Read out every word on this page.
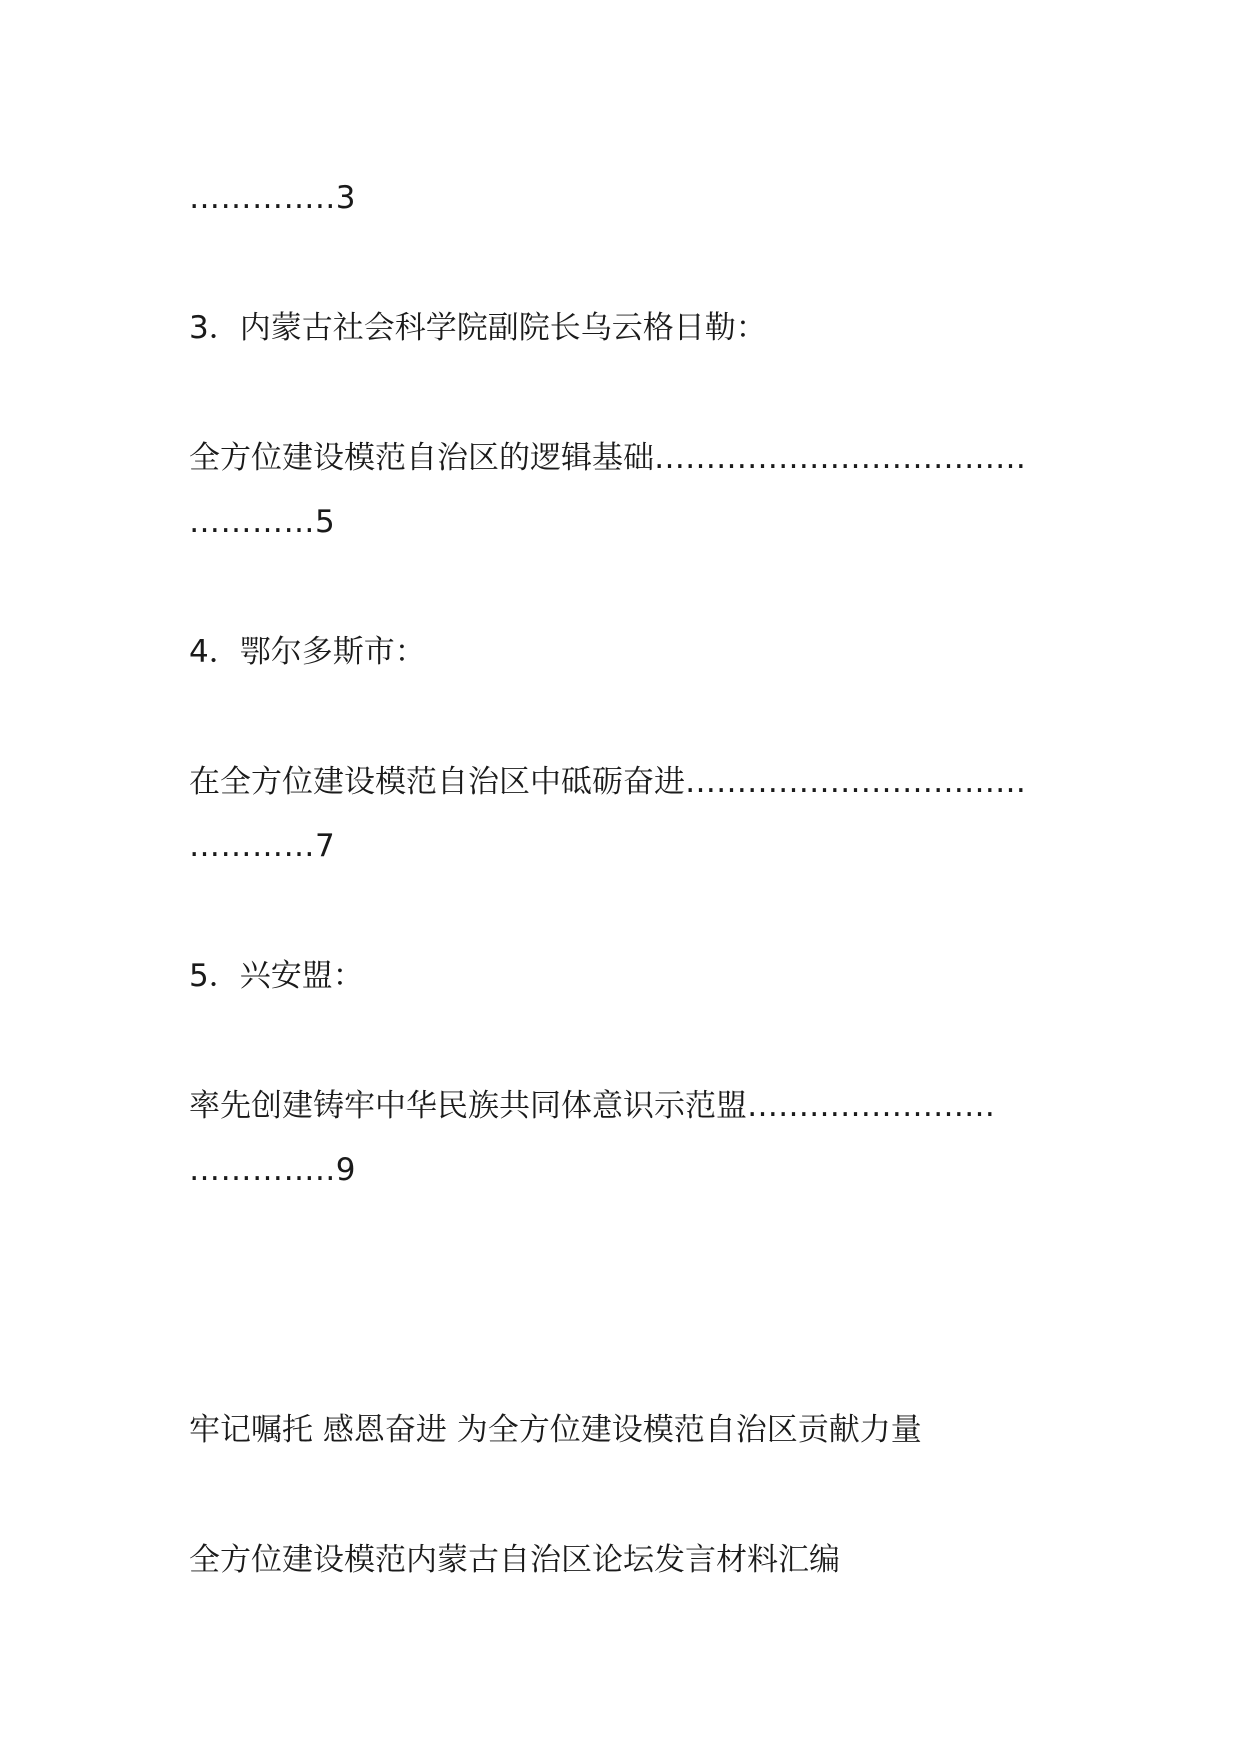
…………..3
3．内蒙古社会科学院副院长乌云格日勒：
全方位建设模范自治区的逻辑基础………………………………
…………5
4．鄂尔多斯市：
在全方位建设模范自治区中砥砺奋进……………………………
…………7
5．兴安盟：
率先创建铸牢中华民族共同体意识示范盟……………………
…………..9
牢记嘱托 感恩奋进 为全方位建设模范自治区贡献力量
全方位建设模范内蒙古自治区论坛发言材料汇编
